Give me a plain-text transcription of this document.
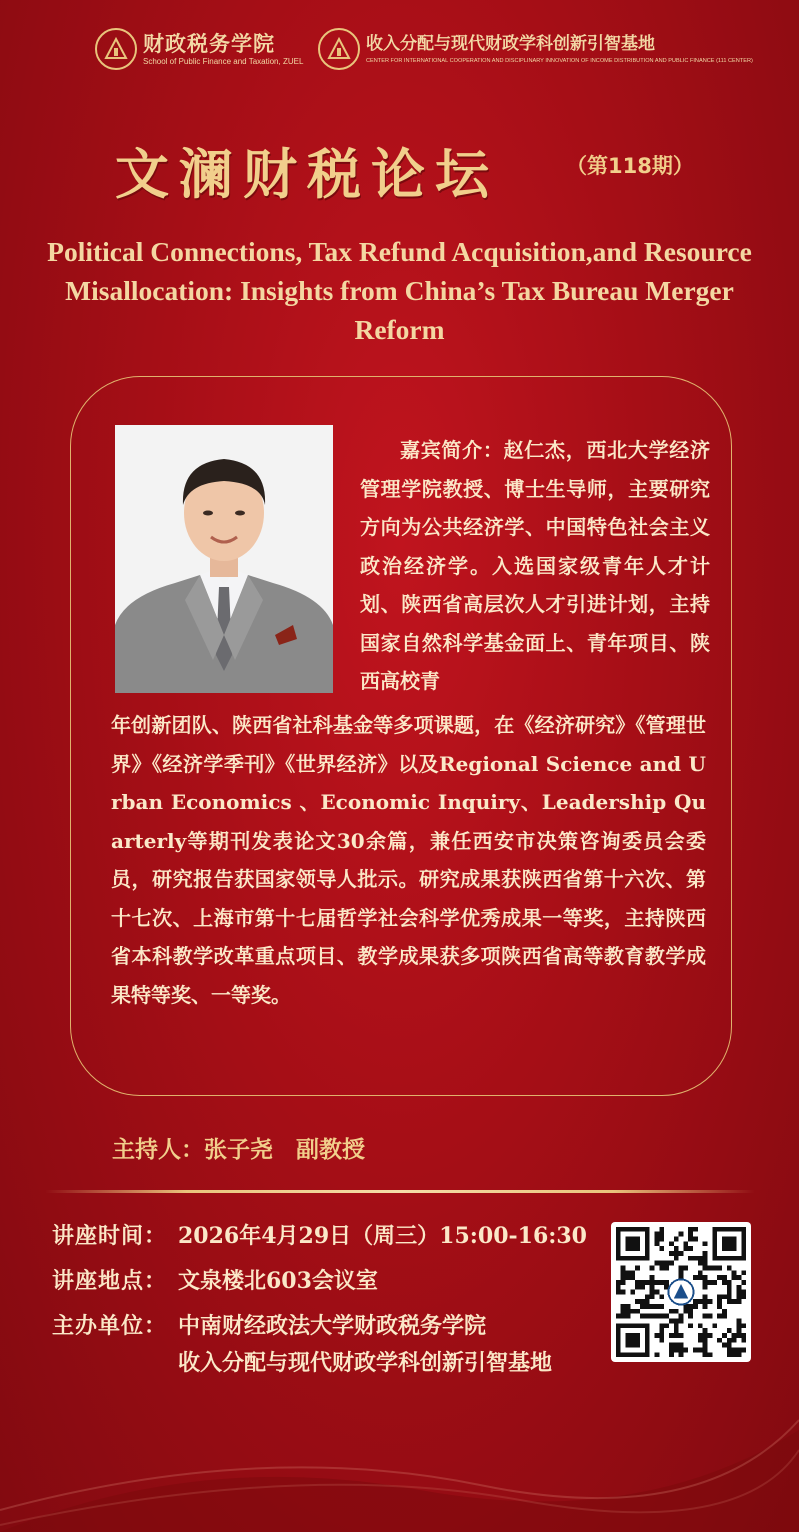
财政税务学院
School of Public Finance and Taxation, ZUEL
收入分配与现代财政学科创新引智基地
CENTER FOR INTERNATIONAL COOPERATION AND DISCIPLINARY INNOVATION OF INCOME DISTRIBUTION AND PUBLIC FINANCE (111 CENTER)
文澜财税论坛	（第118期）
Political Connections, Tax Refund Acquisition,and Resource Misallocation: Insights from China’s Tax Bureau Merger Reform
嘉宾简介：赵仁杰，西北大学经济管理学院教授、博士生导师，主要研究方向为公共经济学、中国特色社会主义政治经济学。入选国家级青年人才计划、陕西省高层次人才引进计划，主持国家自然科学基金面上、青年项目、陕西高校青
年创新团队、陕西省社科基金等多项课题，在《经济研究》《管理世界》《经济学季刊》《世界经济》以及Regional Science and Urban Economics 、Economic Inquiry、Leadership Quarterly等期刊发表论文30余篇，兼任西安市决策咨询委员会委员，研究报告获国家领导人批示。研究成果获陕西省第十六次、第十七次、上海市第十七届哲学社会科学优秀成果一等奖，主持陕西省本科教学改革重点项目、教学成果获多项陕西省高等教育教学成果特等奖、一等奖。
主持人：张子尧　副教授
讲座时间： 2026年4月29日（周三）15:00-16:30
讲座地点： 文泉楼北603会议室
主办单位： 中南财经政法大学财政税务学院
收入分配与现代财政学科创新引智基地
